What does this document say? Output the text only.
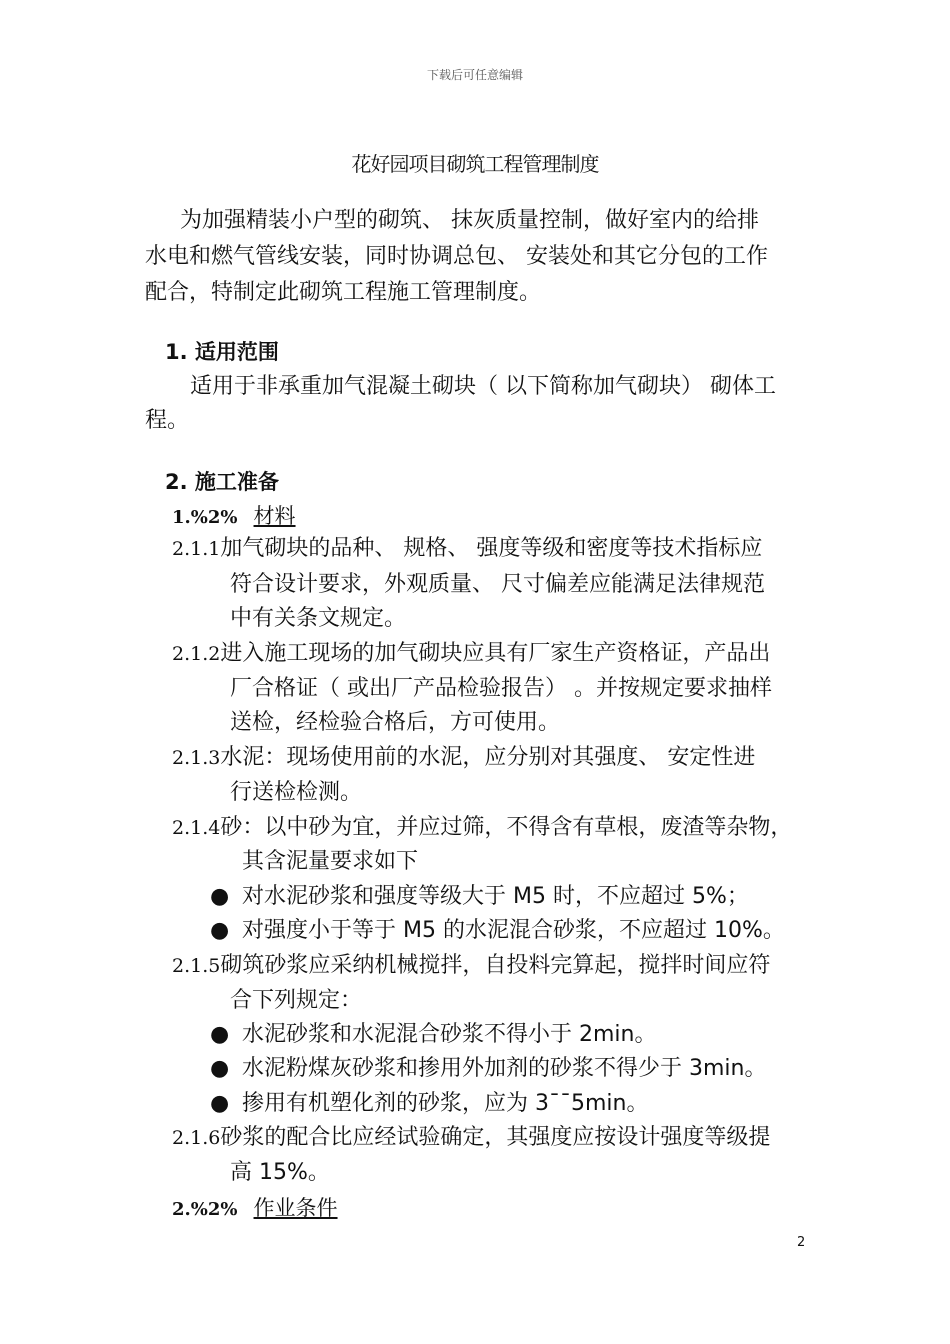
下载后可任意编辑
花好园项目砌筑工程管理制度
为加强精装小户型的砌筑、 抹灰质量控制，做好室内的给排
水电和燃气管线安装，同时协调总包、 安装处和其它分包的工作
配合，特制定此砌筑工程施工管理制度。
1. 适用范围
适用于非承重加气混凝土砌块（ 以下简称加气砌块） 砌体工
程。
2. 施工准备
1.%2% 材料
2.1.1加气砌块的品种、 规格、 强度等级和密度等技术指标应
符合设计要求，外观质量、 尺寸偏差应能满足法律规范
中有关条文规定。
2.1.2进入施工现场的加气砌块应具有厂家生产资格证，产品出
厂合格证（ 或出厂产品检验报告） 。并按规定要求抽样
送检，经检验合格后，方可使用。
2.1.3水泥：现场使用前的水泥，应分别对其强度、 安定性进
行送检检测。
2.1.4砂：以中砂为宜，并应过筛，不得含有草根，废渣等杂物，
其含泥量要求如下
● 对水泥砂浆和强度等级大于 M5 时，不应超过 5%；
● 对强度小于等于 M5 的水泥混合砂浆，不应超过 10%。
2.1.5砌筑砂浆应采纳机械搅拌，自投料完算起，搅拌时间应符
合下列规定：
● 水泥砂浆和水泥混合砂浆不得小于 2min。
● 水泥粉煤灰砂浆和掺用外加剂的砂浆不得少于 3min。
● 掺用有机塑化剂的砂浆，应为 3¯¯5min。
2.1.6砂浆的配合比应经试验确定，其强度应按设计强度等级提
高 15%。
2.%2% 作业条件
2
